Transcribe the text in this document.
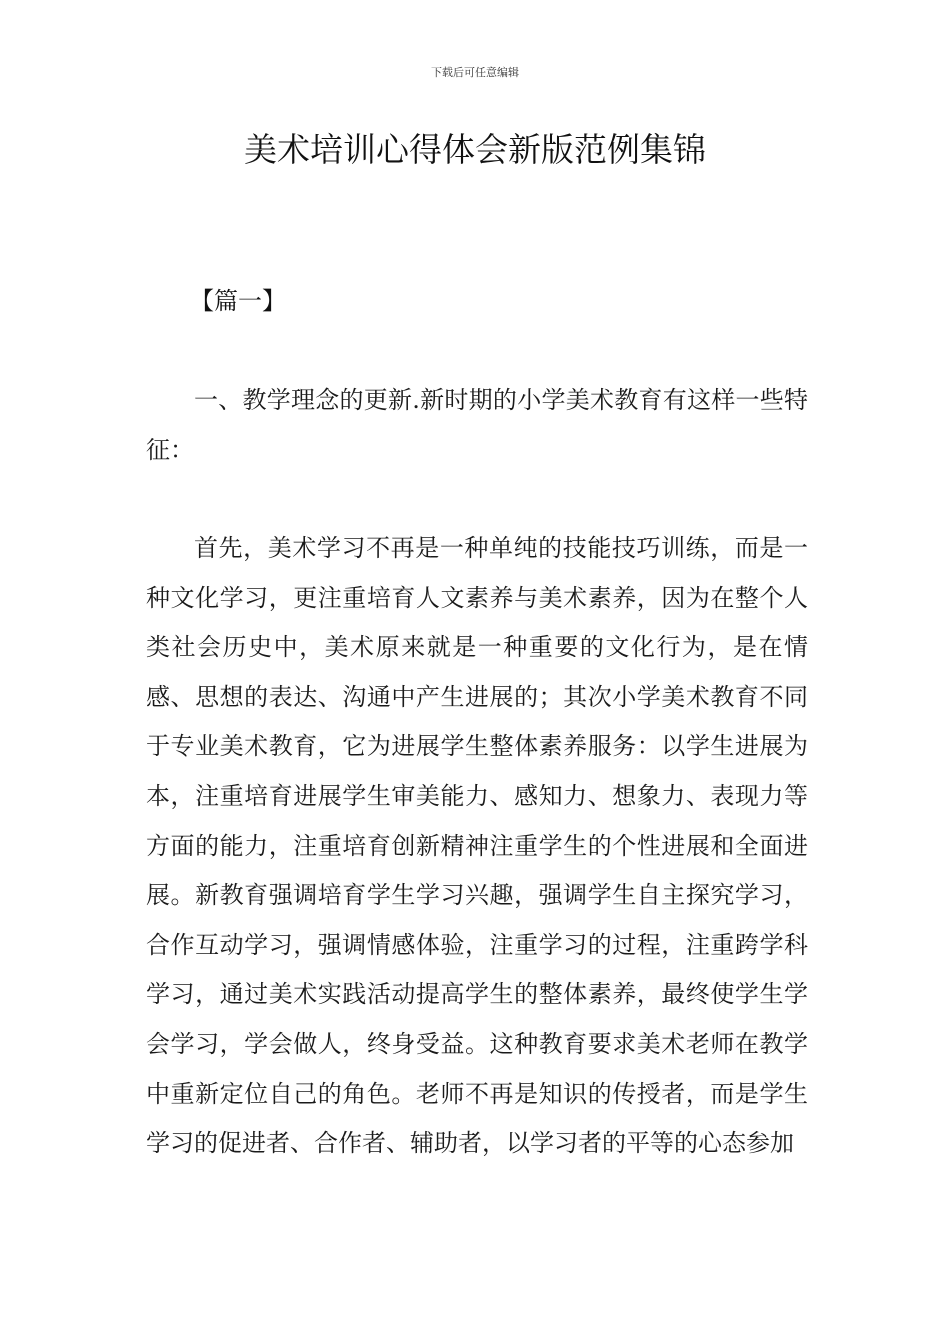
下载后可任意编辑
美术培训心得体会新版范例集锦
【篇一】

一、教学理念的更新.新时期的小学美术教育有这样一些特征：

首先，美术学习不再是一种单纯的技能技巧训练，而是一种文化学习，更注重培育人文素养与美术素养，因为在整个人类社会历史中，美术原来就是一种重要的文化行为，是在情感、思想的表达、沟通中产生进展的；其次小学美术教育不同于专业美术教育，它为进展学生整体素养服务：以学生进展为本，注重培育进展学生审美能力、感知力、想象力、表现力等方面的能力，注重培育创新精神注重学生的个性进展和全面进展。新教育强调培育学生学习兴趣，强调学生自主探究学习，合作互动学习，强调情感体验，注重学习的过程，注重跨学科学习，通过美术实践活动提高学生的整体素养，最终使学生学会学习，学会做人，终身受益。这种教育要求美术老师在教学中重新定位自己的角色。老师不再是知识的传授者，而是学生学习的促进者、合作者、辅助者，以学习者的平等的心态参加
